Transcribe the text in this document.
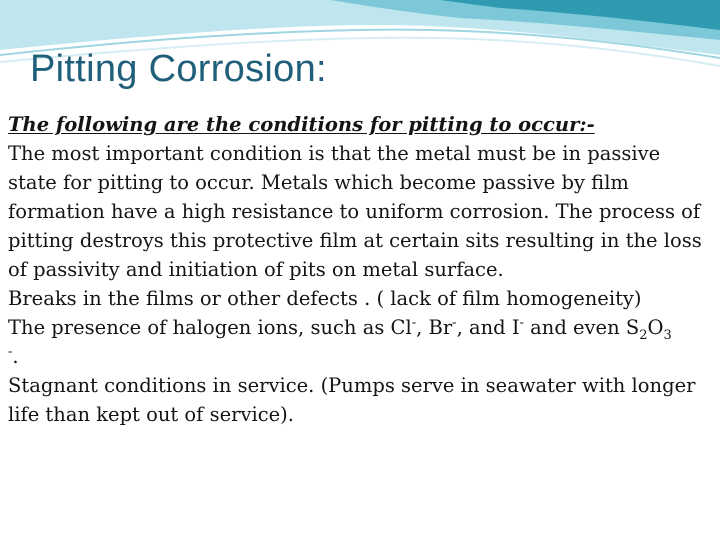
Pitting Corrosion:

The following are the conditions for pitting to occur:-

The most important condition is that the metal must be in passive state for pitting to occur. Metals which become passive by film formation have a high resistance to uniform corrosion. The process of pitting destroys this protective film at certain sits resulting in the loss of passivity and initiation of pits on metal surface.

Breaks in the films or other defects . ( lack of film homogeneity)

The presence of halogen ions, such as Cl-, Br-, and I- and even $S_2O_3$
-.

Stagnant conditions in service. (Pumps serve in seawater with longer life than kept out of service).
